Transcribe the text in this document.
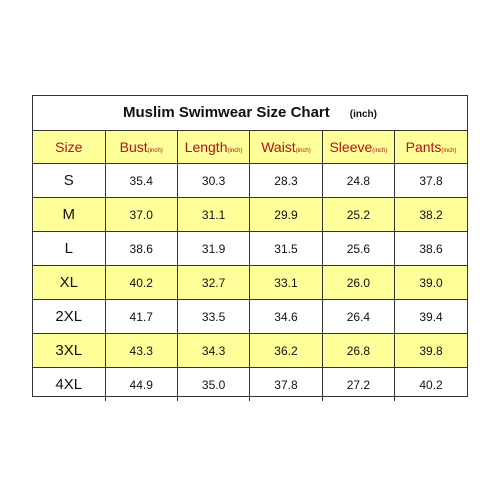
Muslim Swimwear Size Chart (inch)
Size	Bust(inch)	Length(inch)	Waist(inch)	Sleeve(inch)	Pants(inch)
S	35.4	30.3	28.3	24.8	37.8
M	37.0	31.1	29.9	25.2	38.2
L	38.6	31.9	31.5	25.6	38.6
XL	40.2	32.7	33.1	26.0	39.0
2XL	41.7	33.5	34.6	26.4	39.4
3XL	43.3	34.3	36.2	26.8	39.8
4XL	44.9	35.0	37.8	27.2	40.2
